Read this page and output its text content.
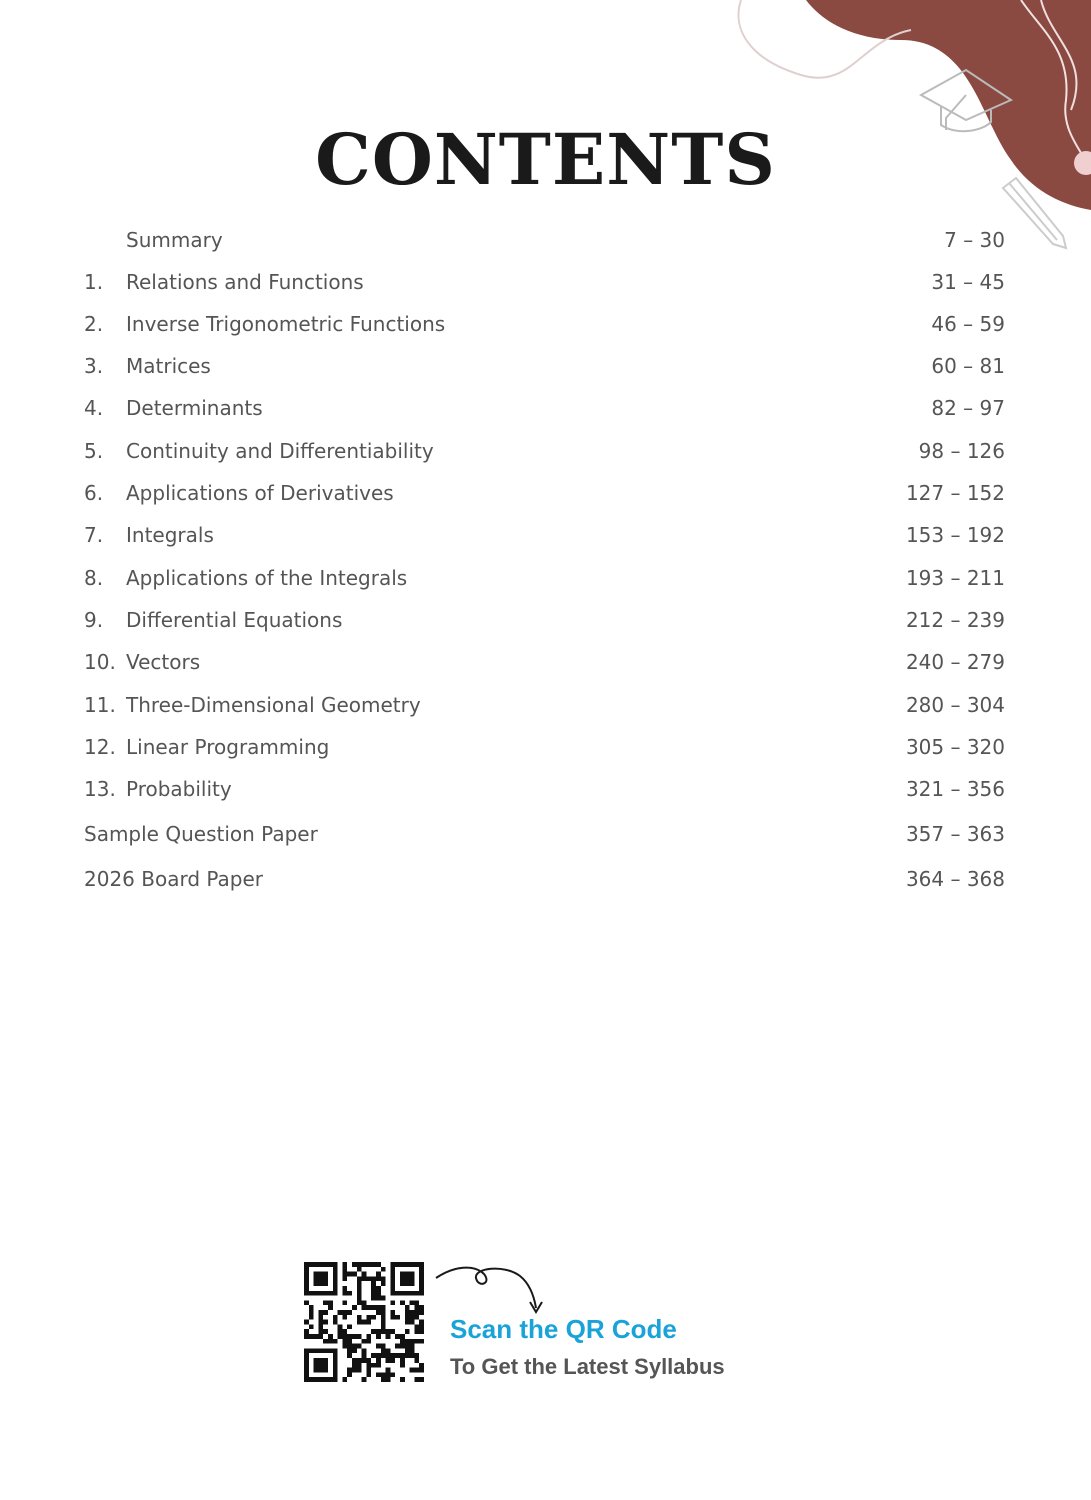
CONTENTS
Summary	7 – 30
1. Relations and Functions	31 – 45
2. Inverse Trigonometric Functions	46 – 59
3. Matrices	60 – 81
4. Determinants	82 – 97
5. Continuity and Differentiability	98 – 126
6. Applications of Derivatives	127 – 152
7. Integrals	153 – 192
8. Applications of the Integrals	193 – 211
9. Differential Equations	212 – 239
10. Vectors	240 – 279
11. Three-Dimensional Geometry	280 – 304
12. Linear Programming	305 – 320
13. Probability	321 – 356
Sample Question Paper	357 – 363
2026 Board Paper	364 – 368
Scan the QR Code
To Get the Latest Syllabus
